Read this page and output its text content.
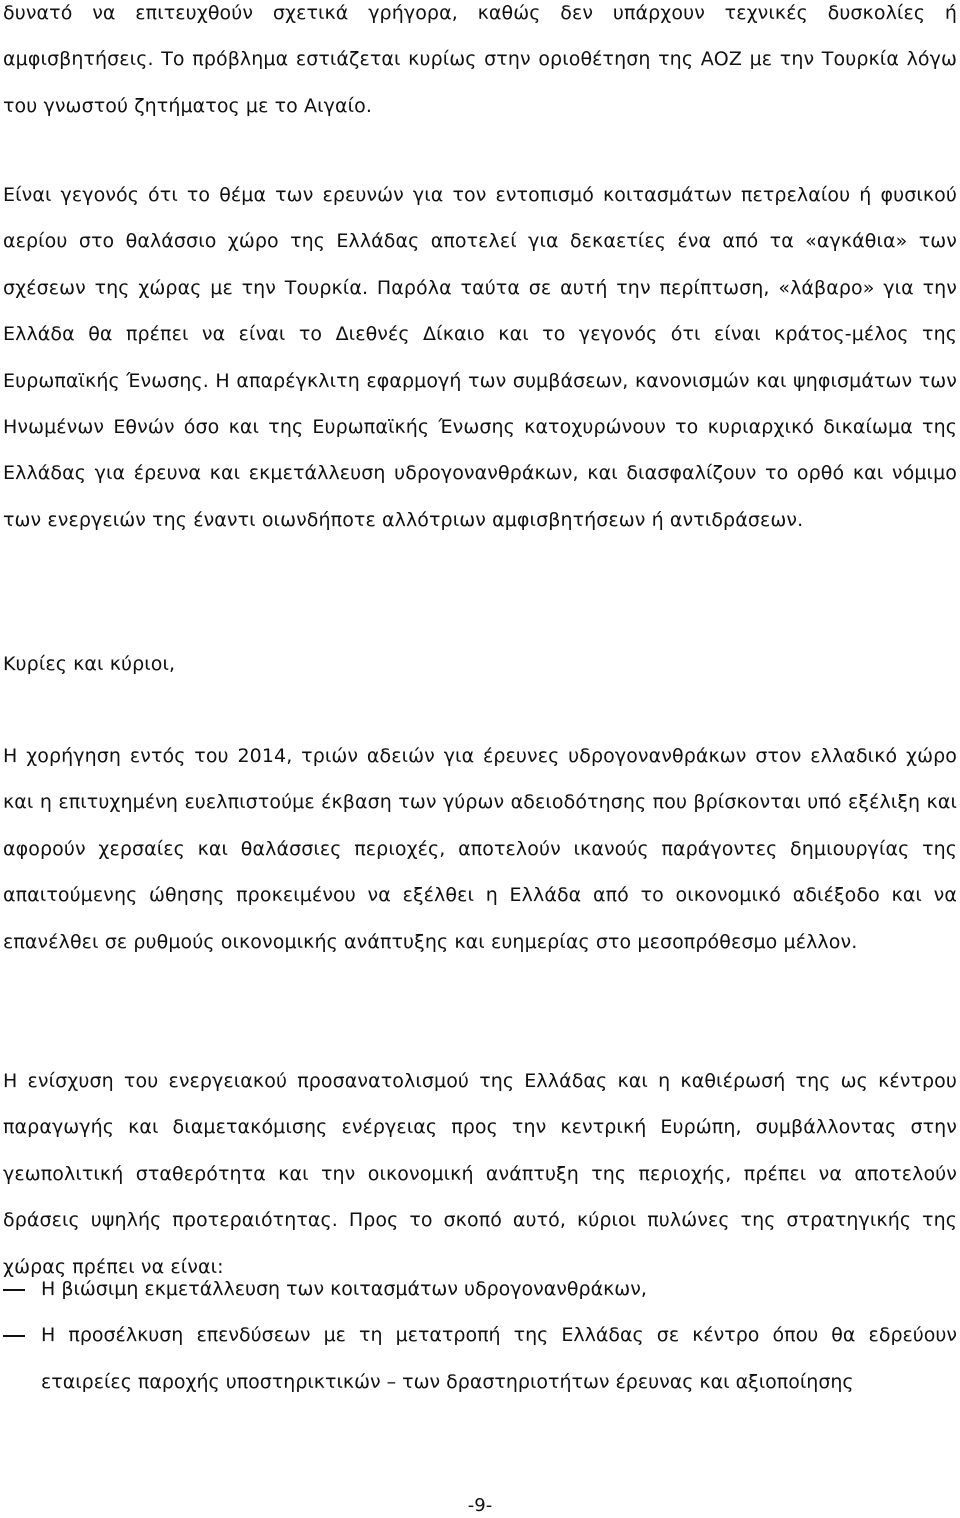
δυνατό να επιτευχθούν σχετικά γρήγορα, καθώς δεν υπάρχουν τεχνικές δυσκολίες ή αμφισβητήσεις. Το πρόβλημα εστιάζεται κυρίως στην οριοθέτηση της ΑΟΖ με την Τουρκία λόγω του γνωστού ζητήματος με το Αιγαίο.

Είναι γεγονός ότι το θέμα των ερευνών για τον εντοπισμό κοιτασμάτων πετρελαίου ή φυσικού αερίου στο θαλάσσιο χώρο της Ελλάδας αποτελεί για δεκαετίες ένα από τα «αγκάθια» των σχέσεων της χώρας με την Τουρκία. Παρόλα ταύτα σε αυτή την περίπτωση, «λάβαρο» για την Ελλάδα θα πρέπει να είναι το Διεθνές Δίκαιο και το γεγονός ότι είναι κράτος-μέλος της Ευρωπαϊκής Ένωσης. Η απαρέγκλιτη εφαρμογή των συμβάσεων, κανονισμών και ψηφισμάτων των Ηνωμένων Εθνών όσο και της Ευρωπαϊκής Ένωσης κατοχυρώνουν το κυριαρχικό δικαίωμα της Ελλάδας για έρευνα και εκμετάλλευση υδρογονανθράκων, και διασφαλίζουν το ορθό και νόμιμο των ενεργειών της έναντι οιωνδήποτε αλλότριων αμφισβητήσεων ή αντιδράσεων.

Κυρίες και κύριοι,

Η χορήγηση εντός του 2014, τριών αδειών για έρευνες υδρογονανθράκων στον ελλαδικό χώρο και η επιτυχημένη ευελπιστούμε έκβαση των γύρων αδειοδότησης που βρίσκονται υπό εξέλιξη και αφορούν χερσαίες και θαλάσσιες περιοχές, αποτελούν ικανούς παράγοντες δημιουργίας της απαιτούμενης ώθησης προκειμένου να εξέλθει η Ελλάδα από το οικονομικό αδιέξοδο και να επανέλθει σε ρυθμούς οικονομικής ανάπτυξης και ευημερίας στο μεσοπρόθεσμο μέλλον.

Η ενίσχυση του ενεργειακού προσανατολισμού της Ελλάδας και η καθιέρωσή της ως κέντρου παραγωγής και διαμετακόμισης ενέργειας προς την κεντρική Ευρώπη, συμβάλλοντας στην γεωπολιτική σταθερότητα και την οικονομική ανάπτυξη της περιοχής, πρέπει να αποτελούν δράσεις υψηλής προτεραιότητας. Προς το σκοπό αυτό, κύριοι πυλώνες της στρατηγικής της χώρας πρέπει να είναι:

Η βιώσιμη εκμετάλλευση των κοιτασμάτων υδρογονανθράκων,
Η προσέλκυση επενδύσεων με τη μετατροπή της Ελλάδας σε κέντρο όπου θα εδρεύουν εταιρείες παροχής υποστηρικτικών – των δραστηριοτήτων έρευνας και αξιοποίησης
-9-
